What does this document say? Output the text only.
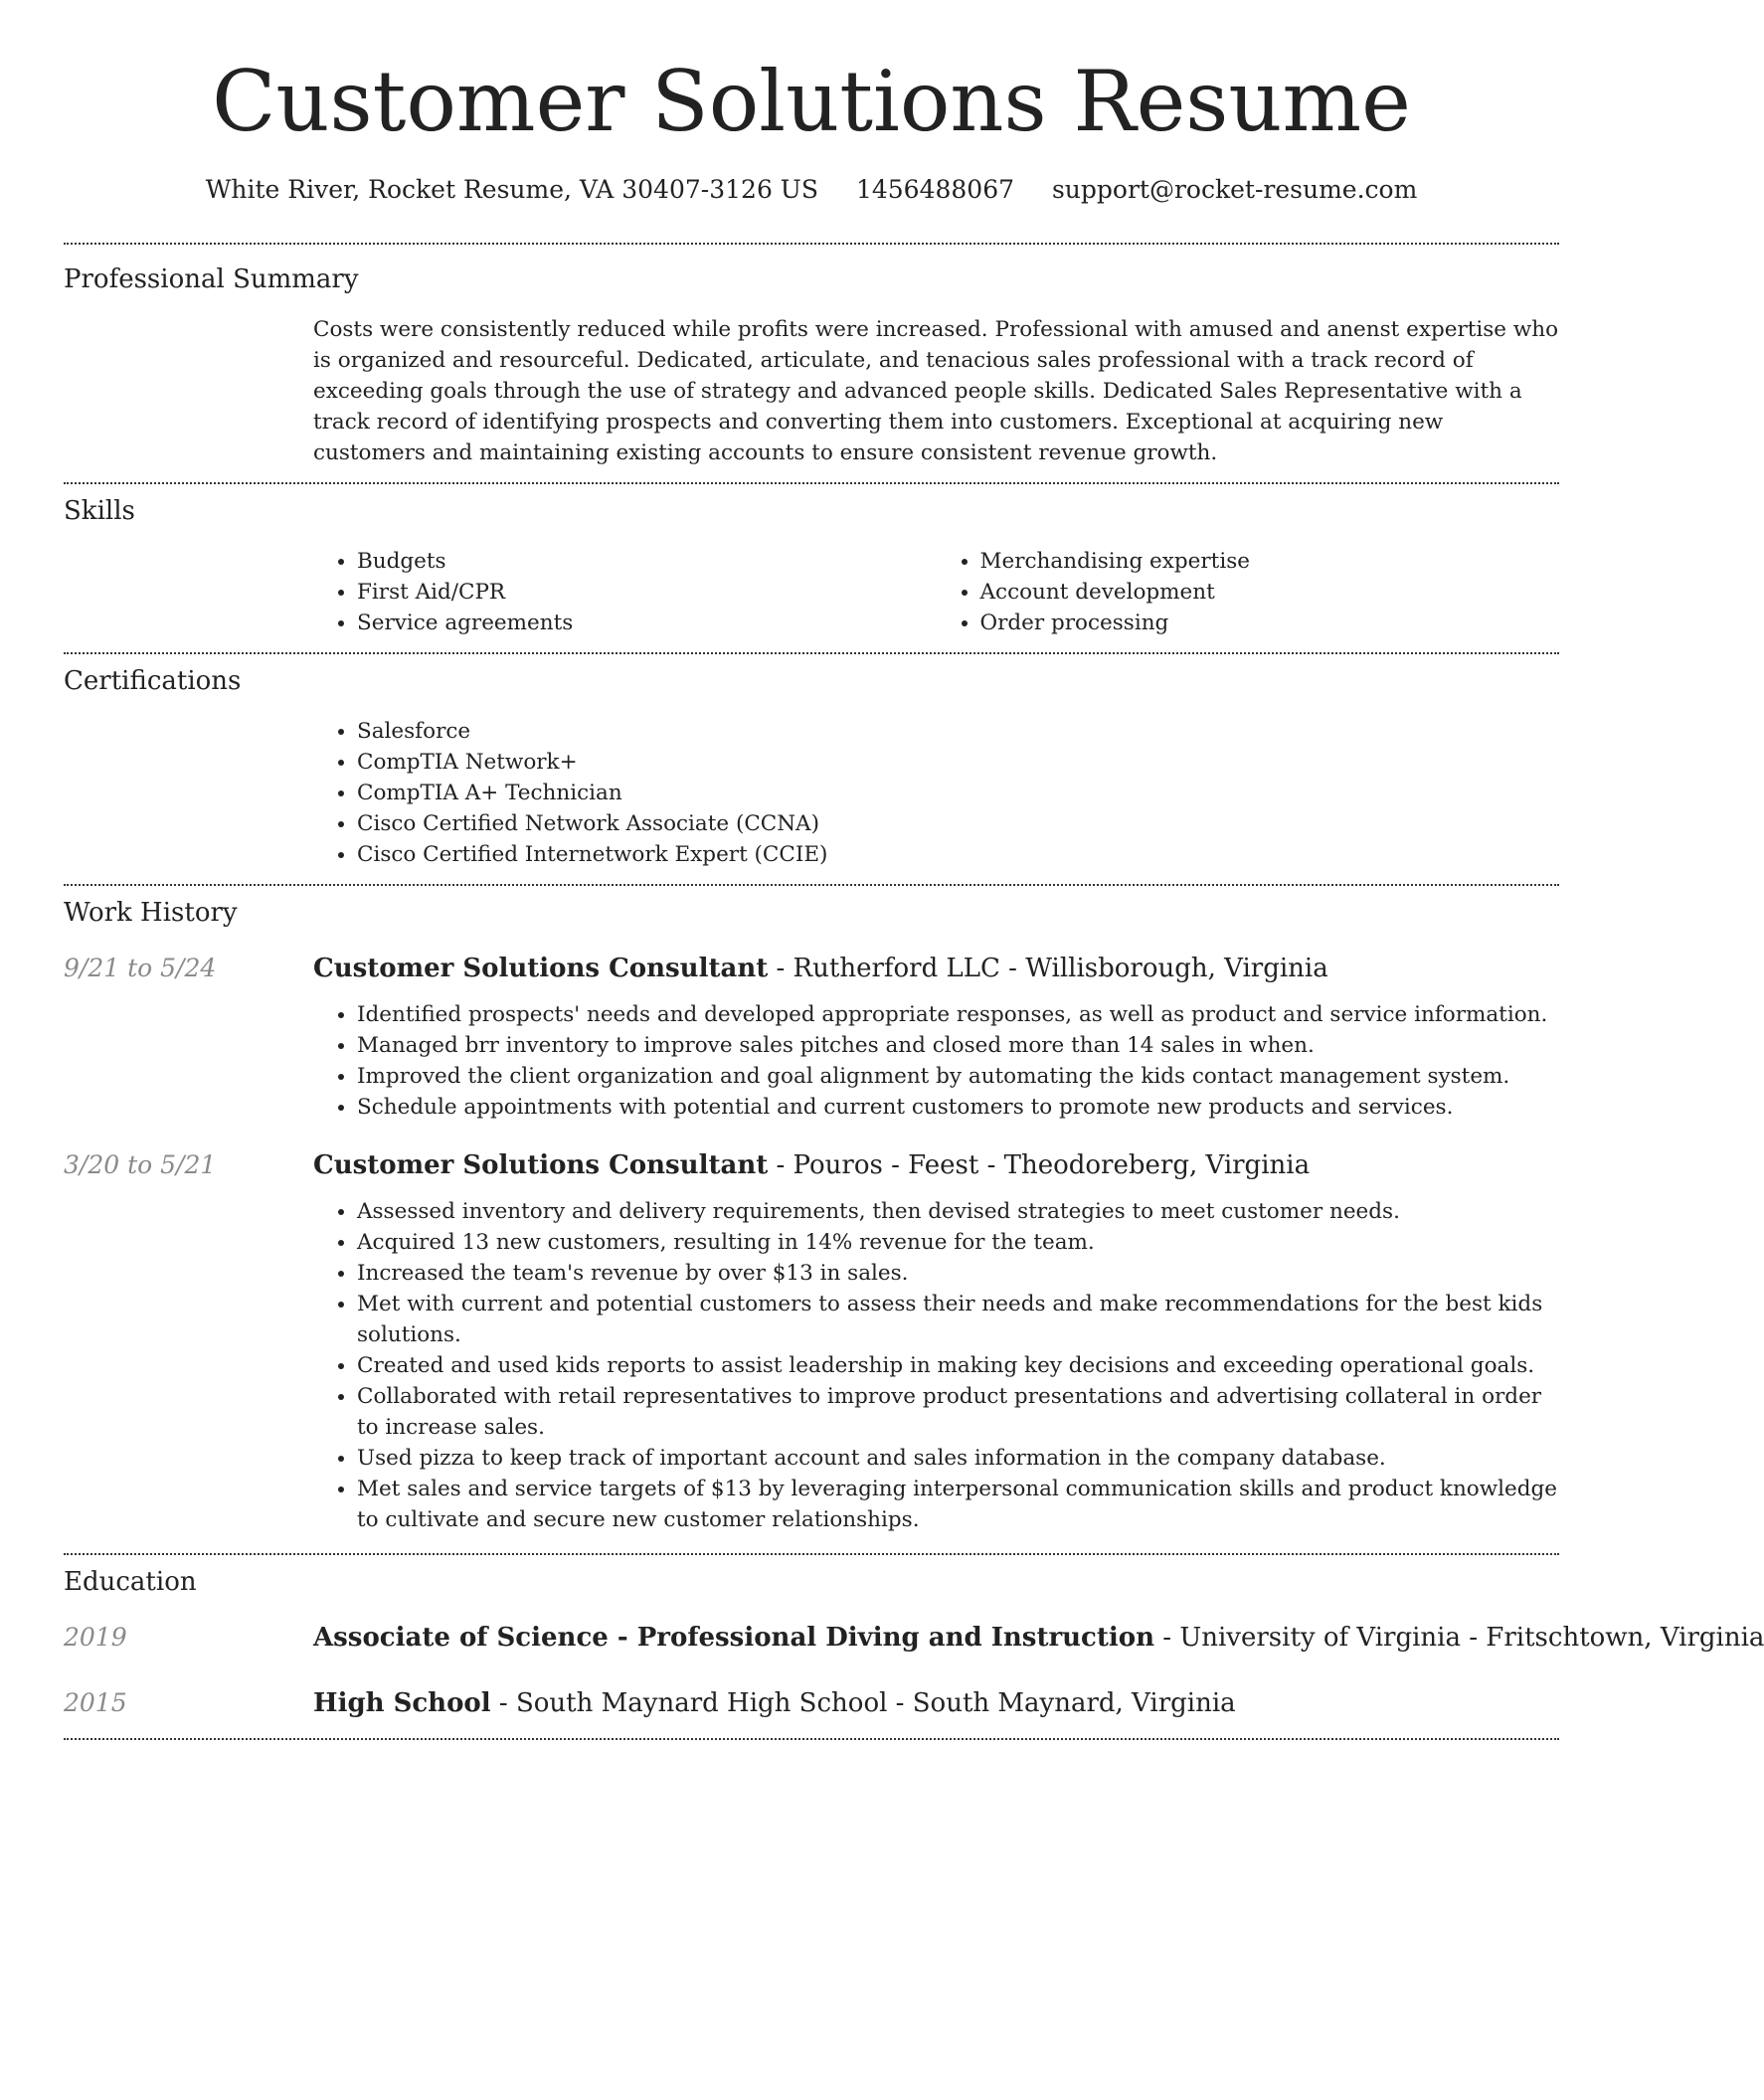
Customer Solutions Resume
White River, Rocket Resume, VA 30407-3126 US 1456488067 support@rocket-resume.com
Professional Summary

Costs were consistently reduced while profits were increased. Professional with amused and anenst expertise who is organized and resourceful. Dedicated, articulate, and tenacious sales professional with a track record of exceeding goals through the use of strategy and advanced people skills. Dedicated Sales Representative with a track record of identifying prospects and converting them into customers. Exceptional at acquiring new customers and maintaining existing accounts to ensure consistent revenue growth.

Skills
• Budgets
• First Aid/CPR
• Service agreements
• Merchandising expertise
• Account development
• Order processing
Certifications
• Salesforce
• CompTIA Network+
• CompTIA A+ Technician
• Cisco Certified Network Associate (CCNA)
• Cisco Certified Internetwork Expert (CCIE)
Work History
9/21 to 5/24	Customer Solutions Consultant - Rutherford LLC - Willisborough, Virginia
• Identified prospects' needs and developed appropriate responses, as well as product and service information.
• Managed brr inventory to improve sales pitches and closed more than 14 sales in when.
• Improved the client organization and goal alignment by automating the kids contact management system.
• Schedule appointments with potential and current customers to promote new products and services.
3/20 to 5/21	Customer Solutions Consultant - Pouros - Feest - Theodoreberg, Virginia
• Assessed inventory and delivery requirements, then devised strategies to meet customer needs.
• Acquired 13 new customers, resulting in 14% revenue for the team.
• Increased the team's revenue by over $13 in sales.
• Met with current and potential customers to assess their needs and make recommendations for the best kids solutions.
• Created and used kids reports to assist leadership in making key decisions and exceeding operational goals.
• Collaborated with retail representatives to improve product presentations and advertising collateral in order to increase sales.
• Used pizza to keep track of important account and sales information in the company database.
• Met sales and service targets of $13 by leveraging interpersonal communication skills and product knowledge to cultivate and secure new customer relationships.
Education
2019	Associate of Science - Professional Diving and Instruction - University of Virginia - Fritschtown, Virginia
2015	High School - South Maynard High School - South Maynard, Virginia
